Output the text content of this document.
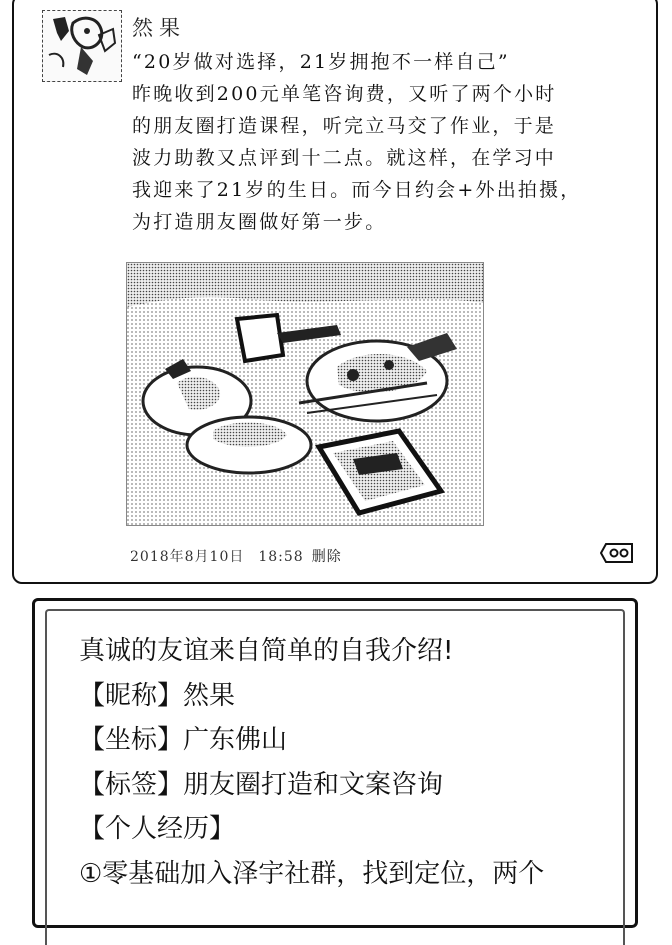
然果
“20岁做对选择，21岁拥抱不一样自己”
昨晚收到200元单笔咨询费，又听了两个小时
的朋友圈打造课程，听完立马交了作业，于是
波力助教又点评到十二点。就这样，在学习中
我迎来了21岁的生日。而今日约会+外出拍摄，
为打造朋友圈做好第一步。
2018年8月10日 18:58 删除
真诚的友谊来自简单的自我介绍!
【昵称】然果
【坐标】广东佛山
【标签】朋友圈打造和文案咨询
【个人经历】
①零基础加入泽宇社群，找到定位，两个
